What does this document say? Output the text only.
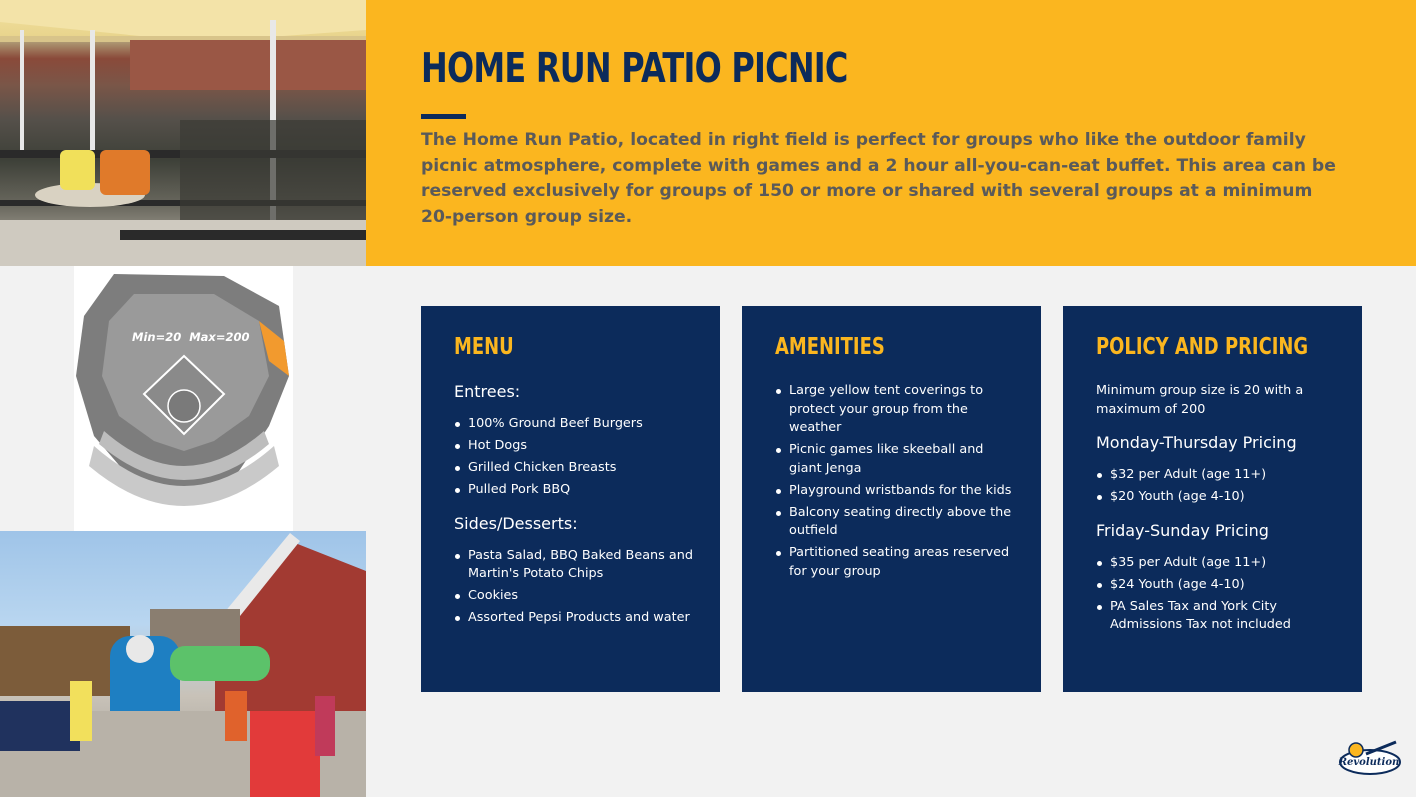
Min=20  Max=200
HOME RUN PATIO PICNIC

The Home Run Patio, located in right field is perfect for groups who like the outdoor family picnic atmosphere, complete with games and a 2 hour all-you-can-eat buffet. This area can be reserved exclusively for groups of 150 or more or shared with several groups at a minimum 20-person group size.

MENU
Entrees:
100% Ground Beef Burgers
Hot Dogs
Grilled Chicken Breasts
Pulled Pork BBQ
Sides/Desserts:
Pasta Salad, BBQ Baked Beans and Martin's Potato Chips
Cookies
Assorted Pepsi Products and water
AMENITIES
Large yellow tent coverings to protect your group from the weather
Picnic games like skeeball and giant Jenga
Playground wristbands for the kids
Balcony seating directly above the outfield
Partitioned seating areas reserved for your group
POLICY AND PRICING

Minimum group size is 20 with a maximum of 200

Monday-Thursday Pricing
$32 per Adult (age 11+)
$20 Youth (age 4-10)
Friday-Sunday Pricing
$35 per Adult (age 11+)
$24 Youth (age 4-10)
PA Sales Tax and York City Admissions Tax not included
Revolution
